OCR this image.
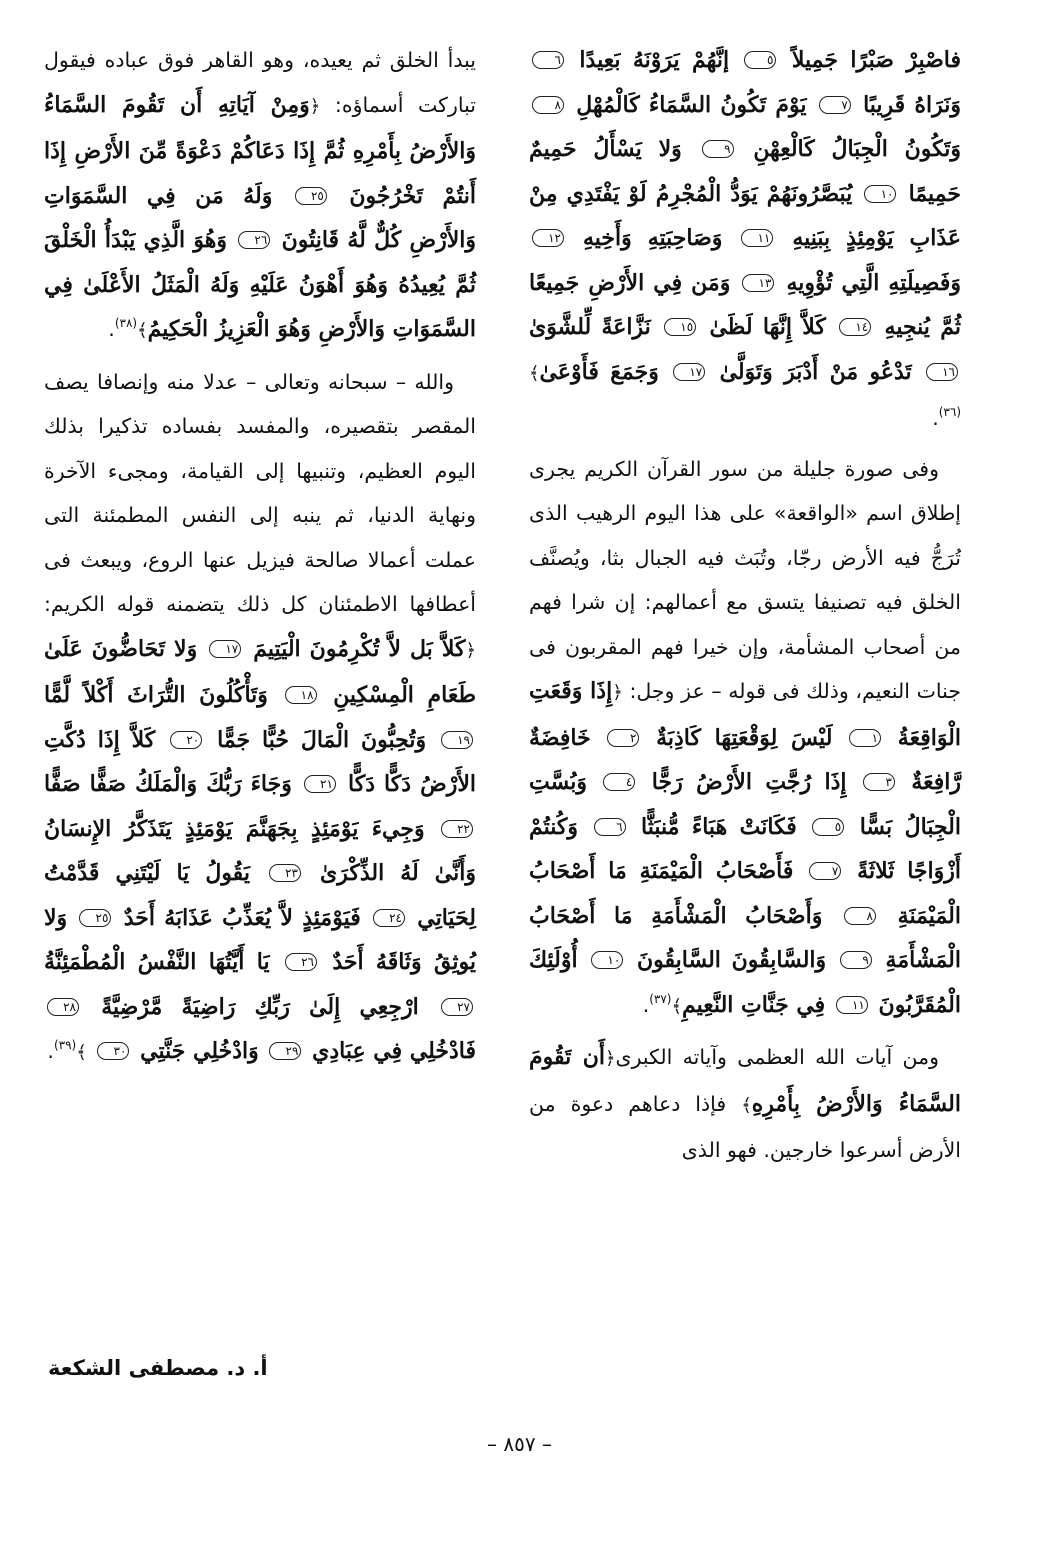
فاصْبِرْ صَبْرًا جَمِيلاً ٥ إنَّهُمْ يَرَوْنَهُ بَعِيدًا ٦ وَنَرَاهُ قَرِيبًا ٧ يَوْمَ تَكُونُ السَّمَاءُ كَالْمُهْلِ ٨ وَتَكُونُ الْجِبَالُ كَالْعِهْنِ ٩ وَلا يَسْأَلُ حَمِيمٌ حَمِيمًا ١٠ يُبَصَّرُونَهُمْ يَوَدُّ الْمُجْرِمُ لَوْ يَفْتَدِي مِنْ عَذَابِ يَوْمِئِذٍ بِبَنِيهِ ١١ وَصَاحِبَتِهِ وَأَخِيهِ ١٢ وَفَصِيلَتِهِ الَّتِي تُؤْوِيهِ ١٣ وَمَن فِي الأَرْضِ جَمِيعًا ثُمَّ يُنجِيهِ ١٤ كَلاَّ إِنَّهَا لَظَىٰ ١٥ نَزَّاعَةً لِّلشَّوَىٰ ١٦ تَدْعُو مَنْ أَدْبَرَ وَتَوَلَّىٰ ١٧ وَجَمَعَ فَأَوْعَىٰ﴾$^{(٣٦)}$.

وفى صورة جليلة من سور القرآن الكريم يجرى إطلاق اسم «الواقعة» على هذا اليوم الرهيب الذى تُرَجُّ فيه الأرض رجّا، وتُبَث فيه الجبال بثا، ويُصنَّف الخلق فيه تصنيفا يتسق مع أعمالهم: إن شرا فهم من أصحاب المشأمة، وإن خيرا فهم المقربون فى جنات النعيم، وذلك فى قوله – عز وجل: ﴿إِذَا وَقَعَتِ الْوَاقِعَةُ ١ لَيْسَ لِوَقْعَتِهَا كَاذِبَةٌ ٢ خَافِضَةٌ رَّافِعَةٌ ٣ إِذَا رُجَّتِ الأَرْضُ رَجًّا ٤ وَبُسَّتِ الْجِبَالُ بَسًّا ٥ فَكَانَتْ هَبَاءً مُّنبَثًّا ٦ وَكُنتُمْ أَزْوَاجًا ثَلاثَةً ٧ فَأَصْحَابُ الْمَيْمَنَةِ مَا أَصْحَابُ الْمَيْمَنَةِ ٨ وَأَصْحَابُ الْمَشْأَمَةِ مَا أَصْحَابُ الْمَشْأَمَةِ ٩ وَالسَّابِقُونَ السَّابِقُونَ ١٠ أُوْلَئِكَ الْمُقَرَّبُونَ ١١ فِي جَنَّاتِ النَّعِيمِ﴾$^{(٣٧)}$.

ومن آيات الله العظمى وآياته الكبرى﴿أَن تَقُومَ السَّمَاءُ وَالأَرْضُ بِأَمْرِهِ﴾ فإذا دعاهم دعوة من الأرض أسرعوا خارجين. فهو الذى

يبدأ الخلق ثم يعيده، وهو القاهر فوق عباده فيقول تباركت أسماؤه: ﴿وَمِنْ آيَاتِهِ أَن تَقُومَ السَّمَاءُ وَالأَرْضُ بِأَمْرِهِ ثُمَّ إِذَا دَعَاكُمْ دَعْوَةً مِّنَ الأَرْضِ إِذَا أَنتُمْ تَخْرُجُونَ ٢٥ وَلَهُ مَن فِي السَّمَوَاتِ وَالأَرْضِ كُلٌّ لَّهُ قَانِتُونَ ٢٦ وَهُوَ الَّذِي يَبْدَأُ الْخَلْقَ ثُمَّ يُعِيدُهُ وَهُوَ أَهْوَنُ عَلَيْهِ وَلَهُ الْمَثَلُ الأَعْلَىٰ فِي السَّمَوَاتِ وَالأَرْضِ وَهُوَ الْعَزِيزُ الْحَكِيمُ﴾$^{(٣٨)}$.

والله – سبحانه وتعالى – عدلا منه وإنصافا يصف المقصر بتقصيره، والمفسد بفساده تذكيرا بذلك اليوم العظيم، وتنبيها إلى القيامة، ومجىء الآخرة ونهاية الدنيا، ثم ينبه إلى النفس المطمئنة التى عملت أعمالا صالحة فيزيل عنها الروع، ويبعث فى أعطافها الاطمئنان كل ذلك يتضمنه قوله الكريم: ﴿كَلاَّ بَل لاَّ تُكْرِمُونَ الْيَتِيمَ ١٧ وَلا تَحَاضُّونَ عَلَىٰ طَعَامِ الْمِسْكِينِ ١٨ وَتَأْكُلُونَ التُّرَاثَ أَكْلاً لَّمًّا ١٩ وَتُحِبُّونَ الْمَالَ حُبًّا جَمًّا ٢٠ كَلاَّ إِذَا دُكَّتِ الأَرْضُ دَكًّا دَكًّا ٢١ وَجَاءَ رَبُّكَ وَالْمَلَكُ صَفًّا صَفًّا ٢٢ وَجِيءَ يَوْمَئِذٍ بِجَهَنَّمَ يَوْمَئِذٍ يَتَذَكَّرُ الإِنسَانُ وَأَنَّىٰ لَهُ الذِّكْرَىٰ ٢٣ يَقُولُ يَا لَيْتَنِي قَدَّمْتُ لِحَيَاتِي ٢٤ فَيَوْمَئِذٍ لاَّ يُعَذِّبُ عَذَابَهُ أَحَدٌ ٢٥ وَلا يُوثِقُ وَثَاقَهُ أَحَدٌ ٢٦ يَا أَيَّتُهَا النَّفْسُ الْمُطْمَئِنَّةُ ٢٧ ارْجِعِي إِلَىٰ رَبِّكِ رَاضِيَةً مَّرْضِيَّةً ٢٨ فَادْخُلِي فِي عِبَادِي ٢٩ وَادْخُلِي جَنَّتِي ٣٠ ﴾$^{(٣٩)}$.

أ. د. مصطفى الشكعة

– ٨٥٧ –
